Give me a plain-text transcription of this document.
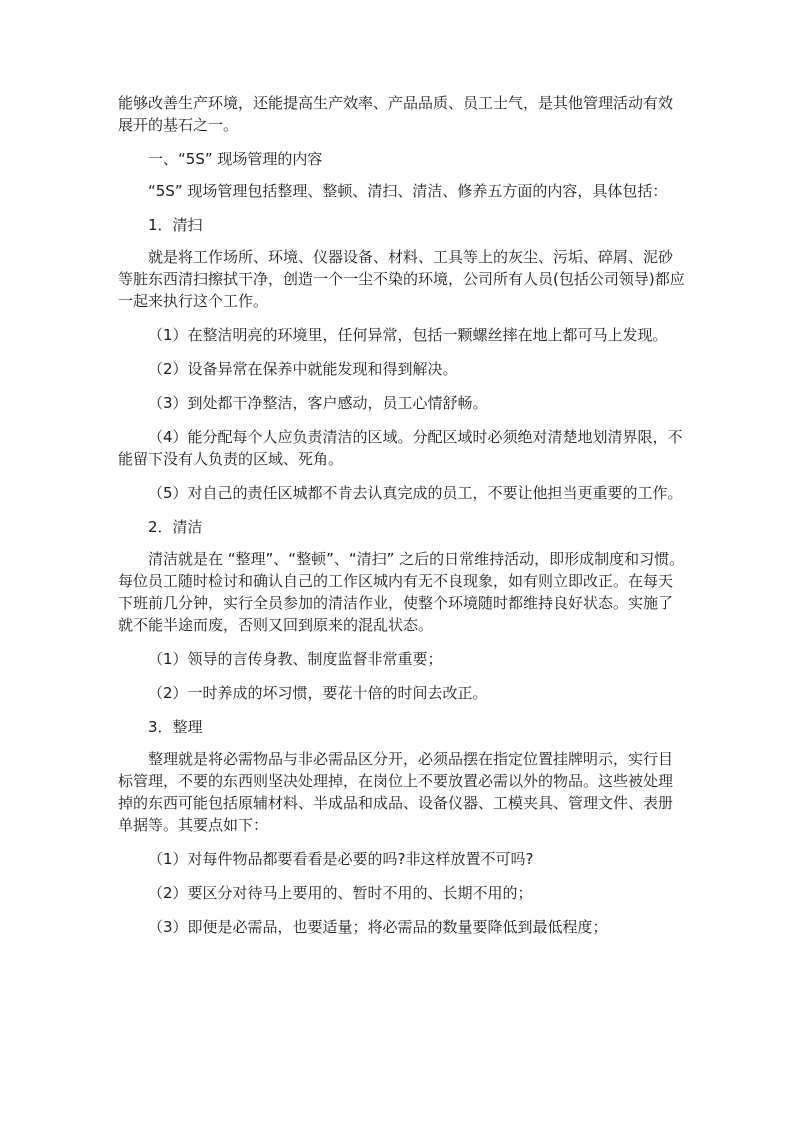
能够改善生产环境，还能提高生产效率、产品品质、员工士气，是其他管理活动有效展开的基石之一。

一、“5S” 现场管理的内容

“5S” 现场管理包括整理、整顿、清扫、清洁、修养五方面的内容，具体包括：

1．清扫

就是将工作场所、环境、仪器设备、材料、工具等上的灰尘、污垢、碎屑、泥砂等脏东西清扫擦拭干净，创造一个一尘不染的环境，公司所有人员(包括公司领导)都应一起来执行这个工作。

（1）在整洁明亮的环境里，任何异常，包括一颗螺丝摔在地上都可马上发现。

（2）设备异常在保养中就能发现和得到解决。

（3）到处都干净整洁，客户感动，员工心情舒畅。

（4）能分配每个人应负责清洁的区域。分配区域时必须绝对清楚地划清界限，不能留下没有人负责的区域、死角。

（5）对自己的责任区城都不肯去认真完成的员工，不要让他担当更重要的工作。

2．清洁

清洁就是在 “整理”、“整顿”、“清扫” 之后的日常维持活动，即形成制度和习惯。每位员工随时检讨和确认自己的工作区城内有无不良现象，如有则立即改正。在每天下班前几分钟，实行全员参加的清洁作业，使整个环境随时都维持良好状态。实施了就不能半途而废，否则又回到原来的混乱状态。

（1）领导的言传身教、制度监督非常重要；

（2）一时养成的坏习惯，要花十倍的时间去改正。

3．整理

整理就是将必需物品与非必需品区分开，必须品摆在指定位置挂牌明示，实行目标管理，不要的东西则坚决处理掉，在岗位上不要放置必需以外的物品。这些被处理掉的东西可能包括原辅材料、半成品和成品、设备仪器、工模夹具、管理文件、表册单据等。其要点如下：

（1）对每件物品都要看看是必要的吗?非这样放置不可吗?

（2）要区分对待马上要用的、暂时不用的、长期不用的；

（3）即便是必需品，也要适量；将必需品的数量要降低到最低程度；
